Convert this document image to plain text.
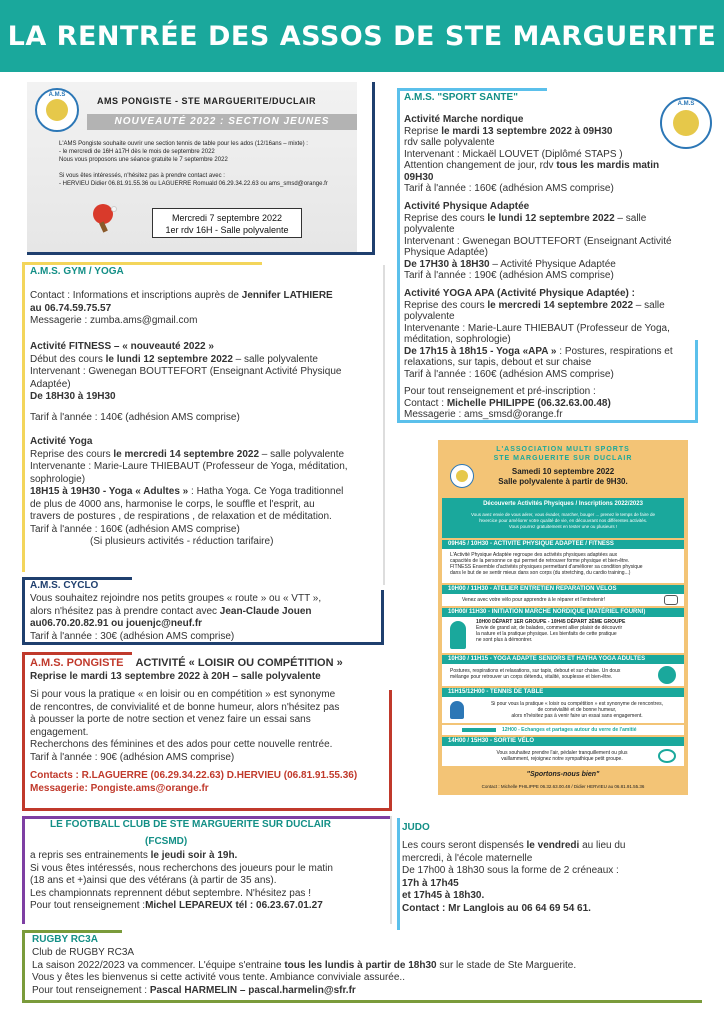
LA RENTRÉE DES ASSOS DE STE MARGUERITE
A.M.S
AMS PONGISTE - STE MARGUERITE/DUCLAIR
NOUVEAUTÉ 2022 : SECTION JEUNES
L'AMS Pongiste souhaite ouvrir une section tennis de table pour les ados (12/16ans – mixte) :
- le mercredi de 16H à17H dès le mois de septembre 2022
Nous vous proposons une séance gratuite le 7 septembre 2022

Si vous êtes intéressés, n'hésitez pas à prendre contact avec :
- HERVIEU Didier 06.81.91.55.36 ou LAGUERRE Romuald 06.29.34.22.63 ou ams_smsd@orange.fr
Mercredi 7 septembre 2022
1er rdv 16H - Salle polyvalente
A.M.S. GYM / YOGA
Contact : Informations et inscriptions auprès de Jennifer LATHIERE
au 06.74.59.75.57
Messagerie : zumba.ams@gmail.com
Activité FITNESS – « nouveauté 2022 »
Début des cours le lundi 12 septembre 2022 – salle polyvalente
Intervenant : Gwenegan BOUTTEFORT (Enseignant Activité Physique
Adaptée)
De 18H30 à 19H30
Tarif à l'année : 140€ (adhésion AMS comprise)
Activité Yoga
Reprise des cours le mercredi 14 septembre 2022 – salle polyvalente
Intervenante : Marie-Laure THIEBAUT (Professeur de Yoga, méditation,
sophrologie)
18H15 à 19H30 - Yoga « Adultes » : Hatha Yoga. Ce Yoga traditionnel
de plus de 4000 ans, harmonise le corps, le souffle et l'esprit, au
travers de postures , de respirations , de relaxation et de méditation.
Tarif à l'année : 160€ (adhésion AMS comprise)
(Si plusieurs activités - réduction tarifaire)
A.M.S. CYCLO
Vous souhaitez rejoindre nos petits groupes « route » ou « VTT »,
alors n'hésitez pas à prendre contact avec Jean-Claude Jouen
au06.70.20.82.91 ou jouenjc@neuf.fr
Tarif à l'année : 30€ (adhésion AMS comprise)
A.M.S. PONGISTE ACTIVITÉ « LOISIR OU COMPÉTITION »
Reprise le mardi 13 septembre 2022 à 20H – salle polyvalente
Si pour vous la pratique « en loisir ou en compétition » est synonyme
de rencontres, de convivialité et de bonne humeur, alors n'hésitez pas
à pousser la porte de notre section et venez faire un essai sans
engagement.
Recherchons des féminines et des ados pour cette nouvelle rentrée.
Tarif à l'année : 90€ (adhésion AMS comprise)
Contacts : R.LAGUERRE (06.29.34.22.63) D.HERVIEU (06.81.91.55.36)
Messagerie: Pongiste.ams@orange.fr
LE FOOTBALL CLUB DE STE MARGUERITE SUR DUCLAIR
(FCSMD)
a repris ses entrainements le jeudi soir à 19h.
Si vous êtes intéressés, nous recherchons des joueurs pour le matin
(18 ans et +)ainsi que des vétérans (à partir de 35 ans).
Les championnats reprennent début septembre. N'hésitez pas !
Pour tout renseignement :Michel LEPAREUX tél : 06.23.67.01.27
JUDO
Les cours seront dispensés le vendredi au lieu du
mercredi, à l'école maternelle
De 17h00 à 18h30 sous la forme de 2 créneaux :
17h à 17h45
et 17h45 à 18h30.
Contact : Mr Langlois au 06 64 69 54 61.
RUGBY RC3A
Club de RUGBY RC3A
La saison 2022/2023 va commencer. L'équipe s'entraine tous les lundis à partir de 18h30 sur le stade de Ste Marguerite.
Vous y êtes les bienvenus si cette activité vous tente. Ambiance conviviale assurée..
Pour tout renseignement : Pascal HARMELIN – pascal.harmelin@sfr.fr
A.M.S. "SPORT SANTE"
A.M.S
Activité Marche nordique
Reprise le mardi 13 septembre 2022 à 09H30
rdv salle polyvalente
Intervenant : Mickaël LOUVET (Diplômé STAPS )
Attention changement de jour, rdv tous les mardis matin
09H30
Tarif à l'année : 160€ (adhésion AMS comprise)
Activité Physique Adaptée
Reprise des cours le lundi 12 septembre 2022 – salle
polyvalente
Intervenant : Gwenegan BOUTTEFORT (Enseignant Activité
Physique Adaptée)
De 17H30 à 18H30 – Activité Physique Adaptée
Tarif à l'année : 190€ (adhésion AMS comprise)
Activité YOGA APA (Activité Physique Adaptée) :
Reprise des cours le mercredi 14 septembre 2022 – salle
polyvalente
Intervenante : Marie-Laure THIEBAUT (Professeur de Yoga,
méditation, sophrologie)
De 17h15 à 18h15 - Yoga «APA » : Postures, respirations et
relaxations, sur tapis, debout et sur chaise
Tarif à l'année : 160€ (adhésion AMS comprise)
Pour tout renseignement et pré-inscription :
Contact : Michelle PHILIPPE (06.32.63.00.48)
Messagerie : ams_smsd@orange.fr
L'ASSOCIATION MULTI SPORTS
STE MARGUERITE SUR DUCLAIR
Samedi 10 septembre 2022
Salle polyvalente à partir de 9H30.
Découverte Activités Physiques / Inscriptions 2022/2023
Vous avez envie de vous aérer, vous évader, marcher, bouger ... prenez le temps de faire de
l'exercice pour améliorer votre qualité de vie, en découvrant nos différentes activités.
Vous pourrez gratuitement en tester une ou plusieurs !
09H45 / 10H30 - ACTIVITE PHYSIQUE ADAPTEE / FITNESS
L'Activité Physique Adaptée regroupe des activités physiques adaptées aux
capacités de la personne ce qui permet de retrouver forme physique et bien-être.
FITNESS Ensemble d'activités physiques permettant d'améliorer sa condition physique
dans le but de se sentir mieux dans son corps (du stretching, du cardio training...)
10H00 / 11H30 - ATELIER ENTRETIEN REPARATION VELOS
Venez avec votre vélo pour apprendre à le réparer et l'entretenir!
10H00/ 11H30 - INITIATION MARCHE NORDIQUE (MATÉRIEL FOURNI)
10H00 DÉPART 1ER GROUPE - 10H45 DÉPART 2ÈME GROUPE
Envie de grand air, de balades, comment allier plaisir de découvrir
la nature et la pratique physique. Les bienfaits de cette pratique
ne sont plus à démontrer.
10H30 / 11H15 - YOGA ADAPTE SENIORS ET HATHA YOGA ADULTES
Postures, respirations et relaxations, sur tapis, debout et sur chaise. Un doux
mélange pour retrouver un corps détendu, vitalité, souplesse et bien-être.
11H15/12H00 - TENNIS DE TABLE
Si pour vous la pratique « loisir ou compétition » est synonyme de rencontres,
de convivialité et de bonne humeur,
alors n'hésitez pas à venir faire un essai sans engagement.
12H00 - Echanges et partages autour du verre de l'amitié
14H00 / 15H30 - SORTIE VÉLO
Vous souhaitez prendre l'air, pédaler tranquillement ou plus
vaillamment, rejoignez notre sympathique petit groupe.
"Sportons-nous bien"
Contact : Michelle PHILIPPE 06.32.63.00.48 / Didier HERVIEU au 06.81.91.55.36
